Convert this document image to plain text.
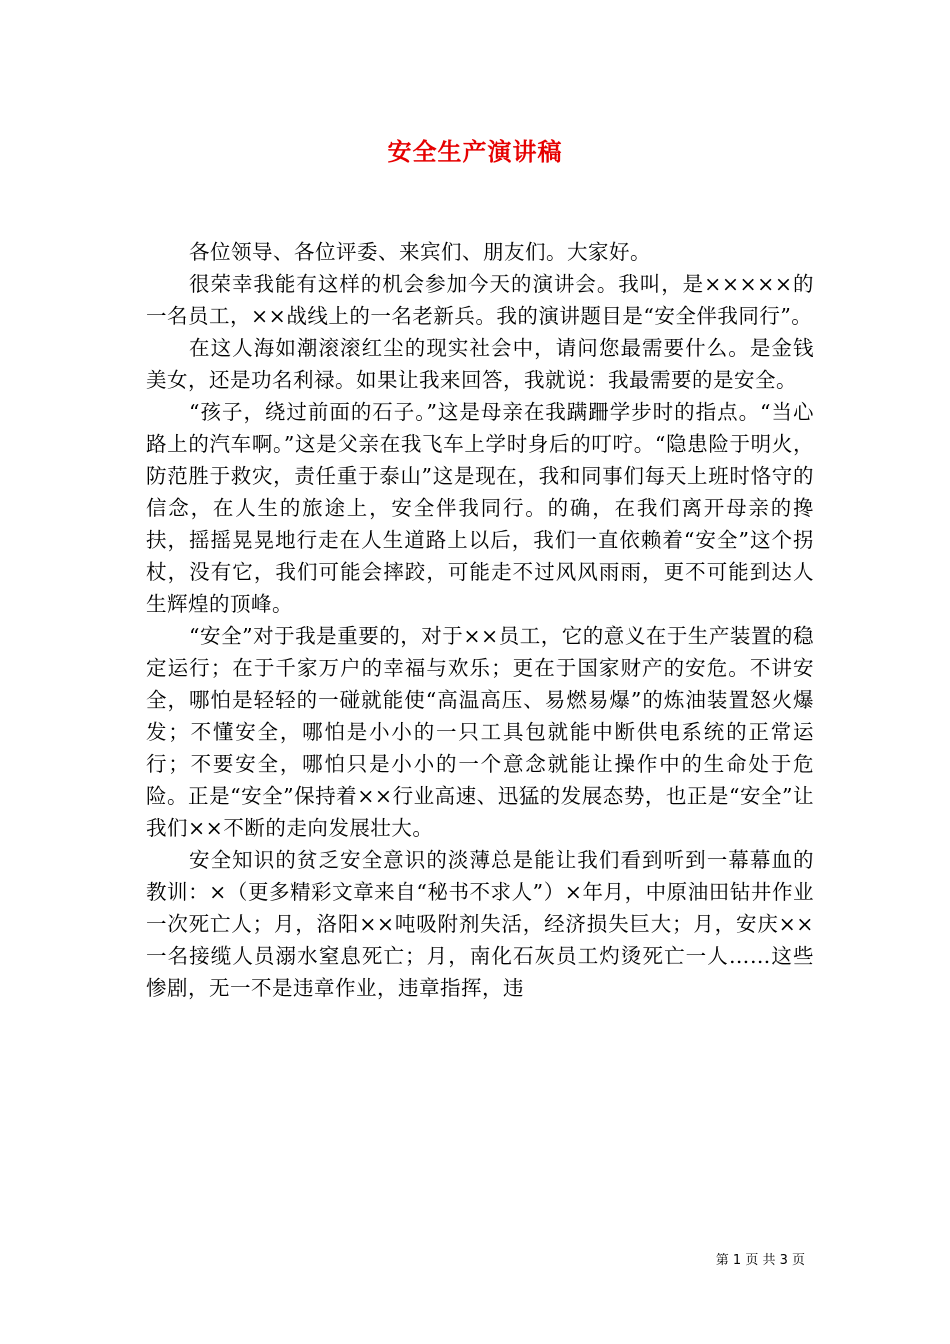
安全生产演讲稿

各位领导、各位评委、来宾们、朋友们。大家好。

很荣幸我能有这样的机会参加今天的演讲会。我叫，是×××××的一名员工，××战线上的一名老新兵。我的演讲题目是“安全伴我同行”。

在这人海如潮滚滚红尘的现实社会中，请问您最需要什么。是金钱美女，还是功名利禄。如果让我来回答，我就说：我最需要的是安全。

“孩子，绕过前面的石子。”这是母亲在我蹒跚学步时的指点。“当心路上的汽车啊。”这是父亲在我飞车上学时身后的叮咛。“隐患险于明火，防范胜于救灾，责任重于泰山”这是现在，我和同事们每天上班时恪守的信念，在人生的旅途上，安全伴我同行。的确，在我们离开母亲的搀扶，摇摇晃晃地行走在人生道路上以后，我们一直依赖着“安全”这个拐杖，没有它，我们可能会摔跤，可能走不过风风雨雨，更不可能到达人生辉煌的顶峰。

“安全”对于我是重要的，对于××员工，它的意义在于生产装置的稳定运行；在于千家万户的幸福与欢乐；更在于国家财产的安危。不讲安全，哪怕是轻轻的一碰就能使“高温高压、易燃易爆”的炼油装置怒火爆发；不懂安全，哪怕是小小的一只工具包就能中断供电系统的正常运行；不要安全，哪怕只是小小的一个意念就能让操作中的生命处于危险。正是“安全”保持着××行业高速、迅猛的发展态势，也正是“安全”让我们××不断的走向发展壮大。

安全知识的贫乏安全意识的淡薄总是能让我们看到听到一幕幕血的教训：×（更多精彩文章来自“秘书不求人”）×年月，中原油田钻井作业一次死亡人；月，洛阳××吨吸附剂失活，经济损失巨大；月，安庆××一名接缆人员溺水窒息死亡；月，南化石灰员工灼烫死亡一人……这些惨剧，无一不是违章作业，违章指挥，违

第 1 页 共 3 页
